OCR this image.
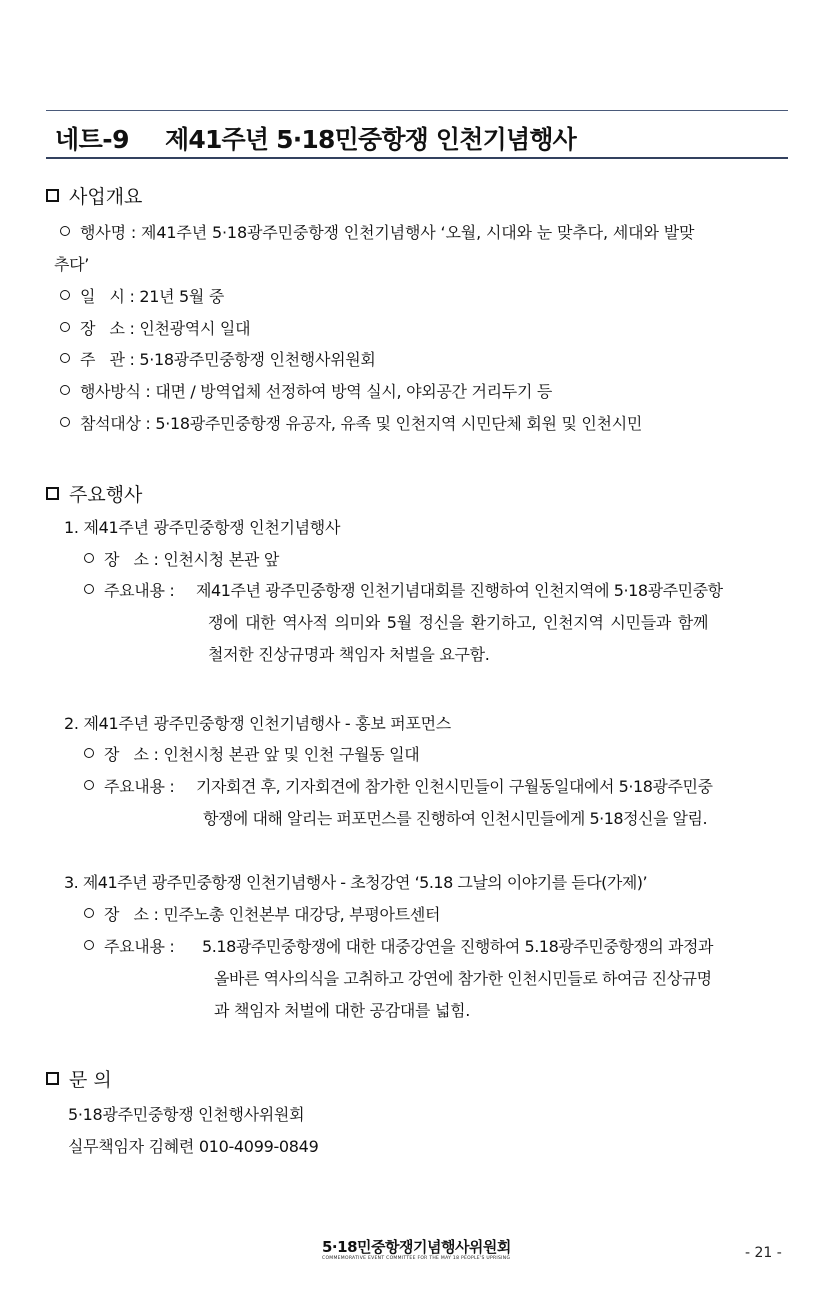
네트-9 제41주년 5·18민중항쟁 인천기념행사
사업개요
행사명 : 제41주년 5·18광주민중항쟁 인천기념행사 ‘오월, 시대와 눈 맞추다, 세대와 발맞
추다’
일   시 : 21년 5월 중
장   소 : 인천광역시 일대
주   관 : 5·18광주민중항쟁 인천행사위원회
행사방식 : 대면 / 방역업체 선정하여 방역 실시, 야외공간 거리두기 등
참석대상 : 5·18광주민중항쟁 유공자, 유족 및 인천지역 시민단체 회원 및 인천시민
주요행사
1. 제41주년 광주민중항쟁 인천기념행사
장   소 : 인천시청 본관 앞
주요내용 : 제41주년 광주민중항쟁 인천기념대회를 진행하여 인천지역에 5·18광주민중항
쟁에 대한 역사적 의미와 5월 정신을 환기하고, 인천지역 시민들과 함께
철저한 진상규명과 책임자 처벌을 요구함.
2. 제41주년 광주민중항쟁 인천기념행사 - 홍보 퍼포먼스
장   소 : 인천시청 본관 앞 및 인천 구월동 일대
주요내용 : 기자회견 후, 기자회견에 참가한 인천시민들이 구월동일대에서 5·18광주민중
항쟁에 대해 알리는 퍼포먼스를 진행하여 인천시민들에게 5·18정신을 알림.
3. 제41주년 광주민중항쟁 인천기념행사 - 초청강연 ‘5.18 그날의 이야기를 듣다(가제)’
장   소 : 민주노총 인천본부 대강당, 부평아트센터
주요내용 : 5.18광주민중항쟁에 대한 대중강연을 진행하여 5.18광주민중항쟁의 과정과
올바른 역사의식을 고취하고 강연에 참가한 인천시민들로 하여금 진상규명
과 책임자 처벌에 대한 공감대를 넓힘.
문 의
5·18광주민중항쟁 인천행사위원회
실무책임자 김혜련 010-4099-0849
5·18민중항쟁기념행사위원회
COMMEMORATIVE EVENT COMMITTEE FOR THE MAY 18 PEOPLE'S UPRISING	- 21 -
